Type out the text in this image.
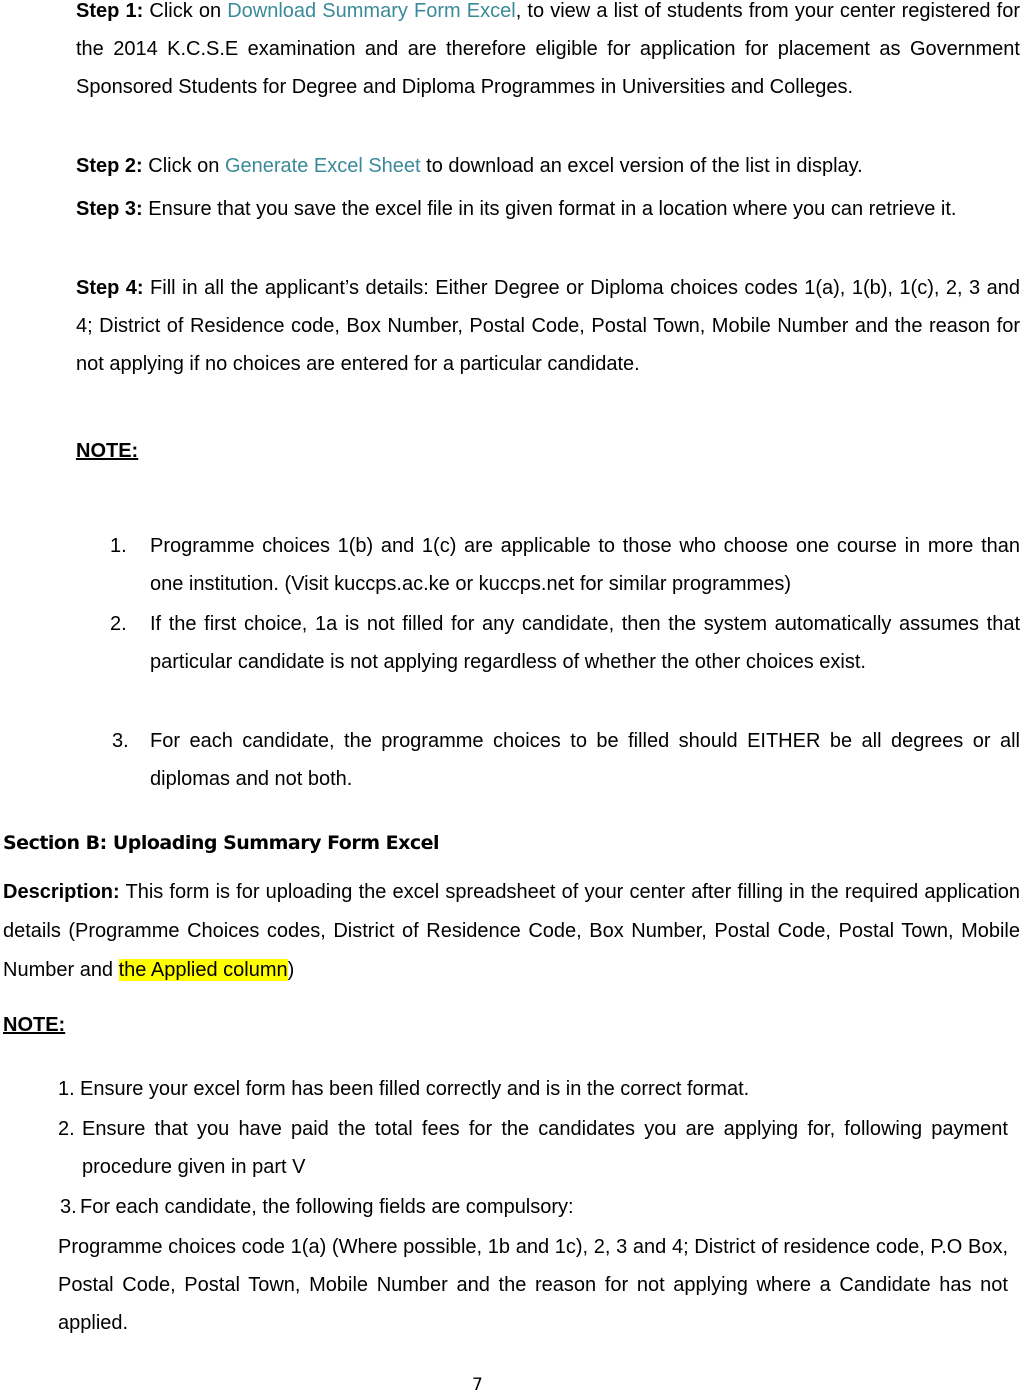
Step 1: Click on Download Summary Form Excel, to view a list of students from your center registered for the 2014 K.C.S.E examination and are therefore eligible for application for placement as Government Sponsored Students for Degree and Diploma Programmes in Universities and Colleges.
Step 2: Click on Generate Excel Sheet to download an excel version of the list in display.
Step 3: Ensure that you save the excel file in its given format in a location where you can retrieve it.
Step 4: Fill in all the applicant’s details: Either Degree or Diploma choices codes 1(a), 1(b), 1(c), 2, 3 and 4; District of Residence code, Box Number, Postal Code, Postal Town, Mobile Number and the reason for not applying if no choices are entered for a particular candidate.
NOTE:
1. Programme choices 1(b) and 1(c) are applicable to those who choose one course in more than one institution. (Visit kuccps.ac.ke or kuccps.net for similar programmes)
2. If the first choice, 1a is not filled for any candidate, then the system automatically assumes that particular candidate is not applying regardless of whether the other choices exist.
3. For each candidate, the programme choices to be filled should EITHER be all degrees or all diplomas and not both.
Section B: Uploading Summary Form Excel
Description: This form is for uploading the excel spreadsheet of your center after filling in the required application details (Programme Choices codes, District of Residence Code, Box Number, Postal Code, Postal Town, Mobile Number and the Applied column)
NOTE:
1. Ensure your excel form has been filled correctly and is in the correct format.
2. Ensure that you have paid the total fees for the candidates you are applying for, following payment procedure given in part V
3. For each candidate, the following fields are compulsory:
Programme choices code 1(a) (Where possible, 1b and 1c), 2, 3 and 4; District of residence code, P.O Box, Postal Code, Postal Town, Mobile Number and the reason for not applying where a Candidate has not applied.
7
